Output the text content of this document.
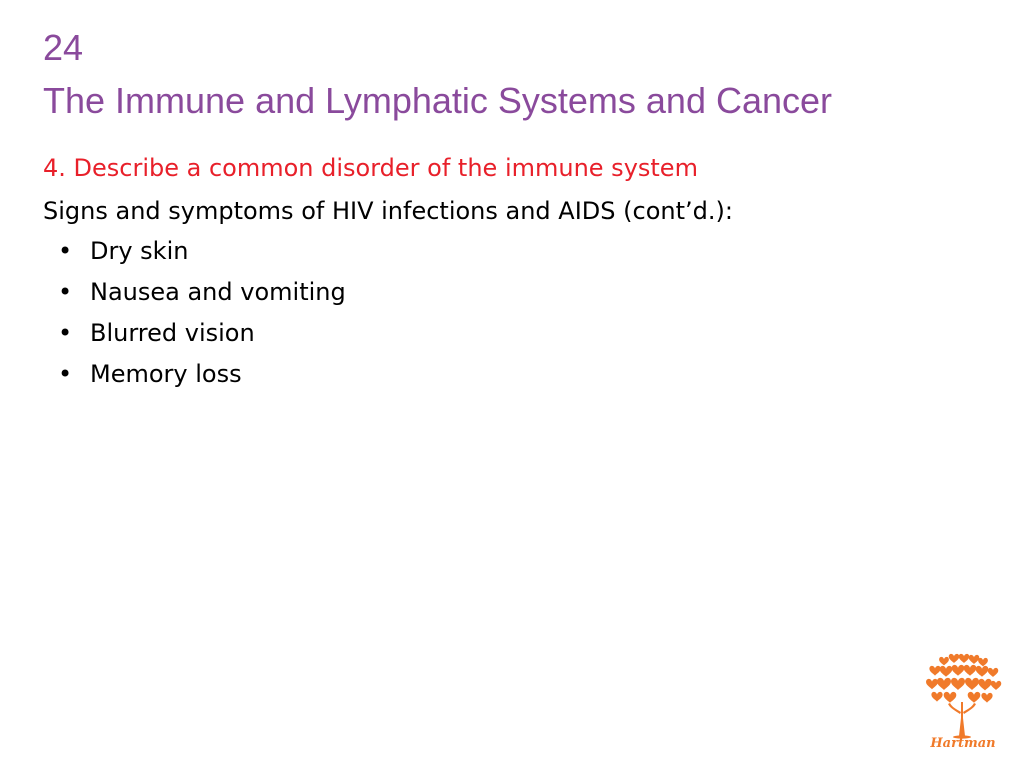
24
The Immune and Lymphatic Systems and Cancer
4. Describe a common disorder of the immune system
Signs and symptoms of HIV infections and AIDS (cont’d.):
• Dry skin
• Nausea and vomiting
• Blurred vision
• Memory loss
Hartman
